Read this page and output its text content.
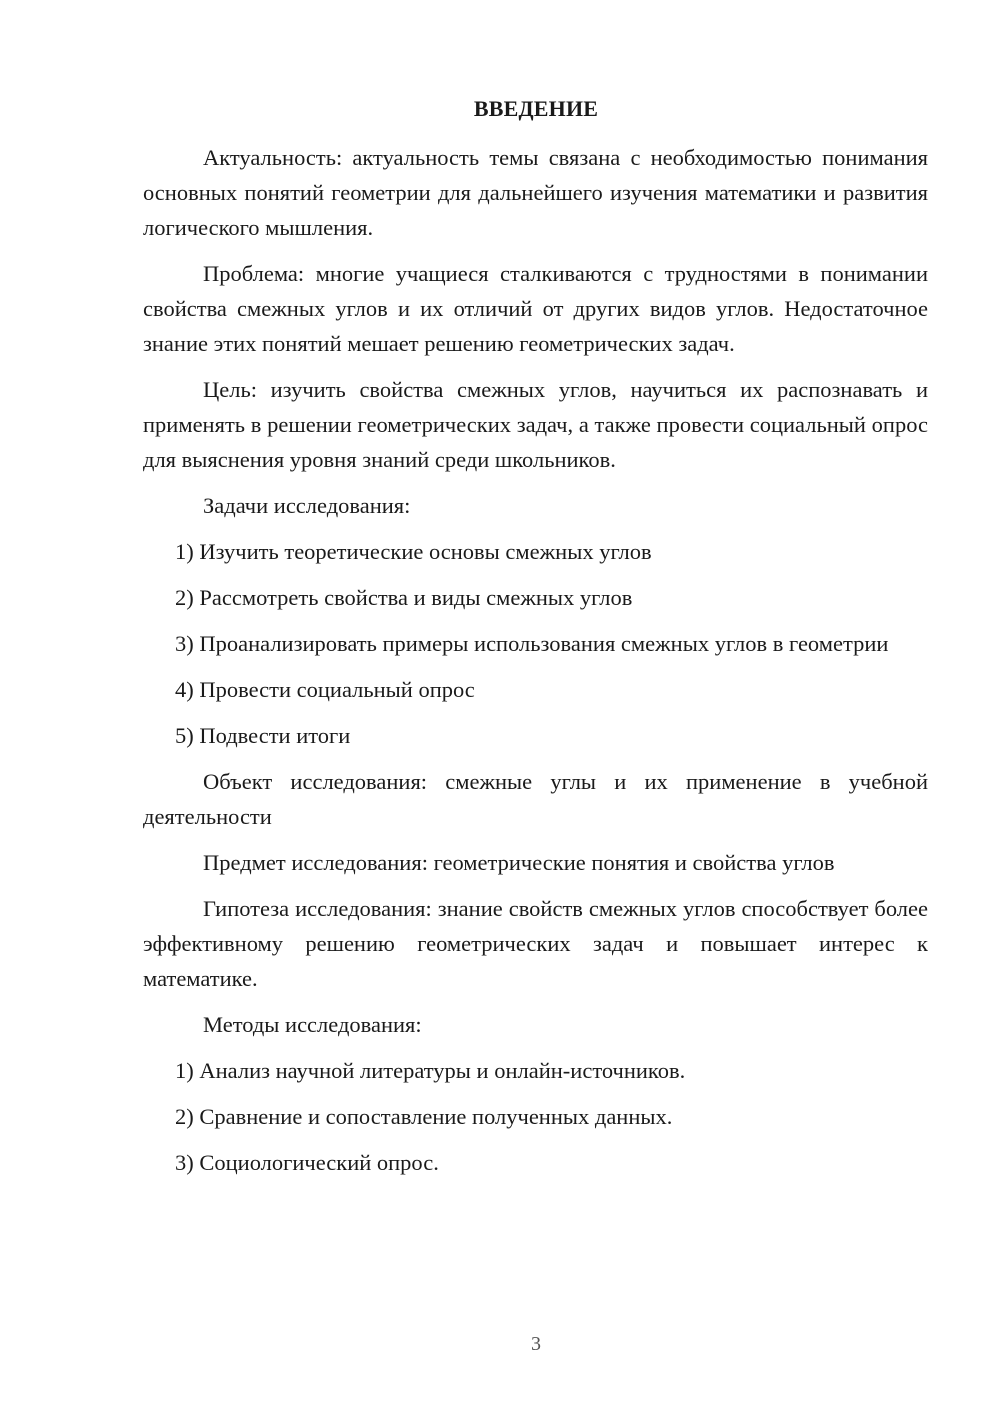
ВВЕДЕНИЕ

Актуальность: актуальность темы связана с необходимостью понимания основных понятий геометрии для дальнейшего изучения математики и развития логического мышления.

Проблема: многие учащиеся сталкиваются с трудностями в понимании свойства смежных углов и их отличий от других видов углов. Недостаточное знание этих понятий мешает решению геометрических задач.

Цель: изучить свойства смежных углов, научиться их распознавать и применять в решении геометрических задач, а также провести социальный опрос для выяснения уровня знаний среди школьников.

Задачи исследования:

1) Изучить теоретические основы смежных углов

2) Рассмотреть свойства и виды смежных углов

3) Проанализировать примеры использования смежных углов в геометрии

4) Провести социальный опрос

5) Подвести итоги

Объект исследования: смежные углы и их применение в учебной деятельности

Предмет исследования: геометрические понятия и свойства углов

Гипотеза исследования: знание свойств смежных углов способствует более эффективному решению геометрических задач и повышает интерес к математике.

Методы исследования:

1) Анализ научной литературы и онлайн-источников.

2) Сравнение и сопоставление полученных данных.

3) Социологический опрос.

3
